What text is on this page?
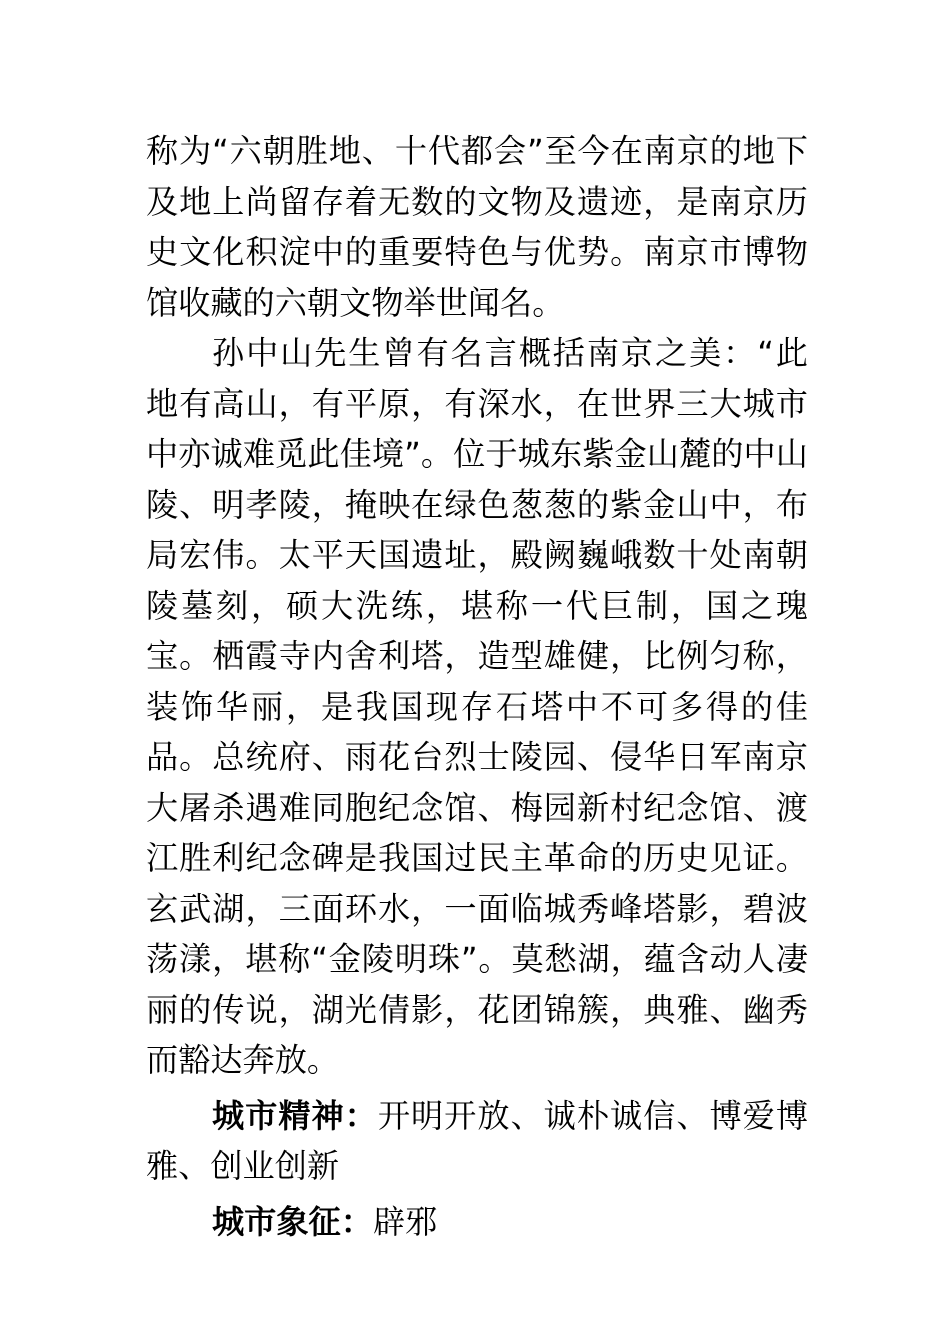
称为“六朝胜地、十代都会”至今在南京的地下及地上尚留存着无数的文物及遗迹，是南京历史文化积淀中的重要特色与优势。南京市博物馆收藏的六朝文物举世闻名。

孙中山先生曾有名言概括南京之美：“此地有高山，有平原，有深水，在世界三大城市中亦诚难觅此佳境”。位于城东紫金山麓的中山陵、明孝陵，掩映在绿色葱葱的紫金山中，布局宏伟。太平天国遗址，殿阙巍峨数十处南朝陵墓刻，硕大洗练，堪称一代巨制，国之瑰宝。栖霞寺内舍利塔，造型雄健，比例匀称，装饰华丽，是我国现存石塔中不可多得的佳品。总统府、雨花台烈士陵园、侵华日军南京大屠杀遇难同胞纪念馆、梅园新村纪念馆、渡江胜利纪念碑是我国过民主革命的历史见证。玄武湖，三面环水，一面临城秀峰塔影，碧波荡漾，堪称“金陵明珠”。莫愁湖，蕴含动人凄丽的传说，湖光倩影，花团锦簇，典雅、幽秀而豁达奔放。

城市精神：开明开放、诚朴诚信、博爱博雅、创业创新

城市象征：辟邪
